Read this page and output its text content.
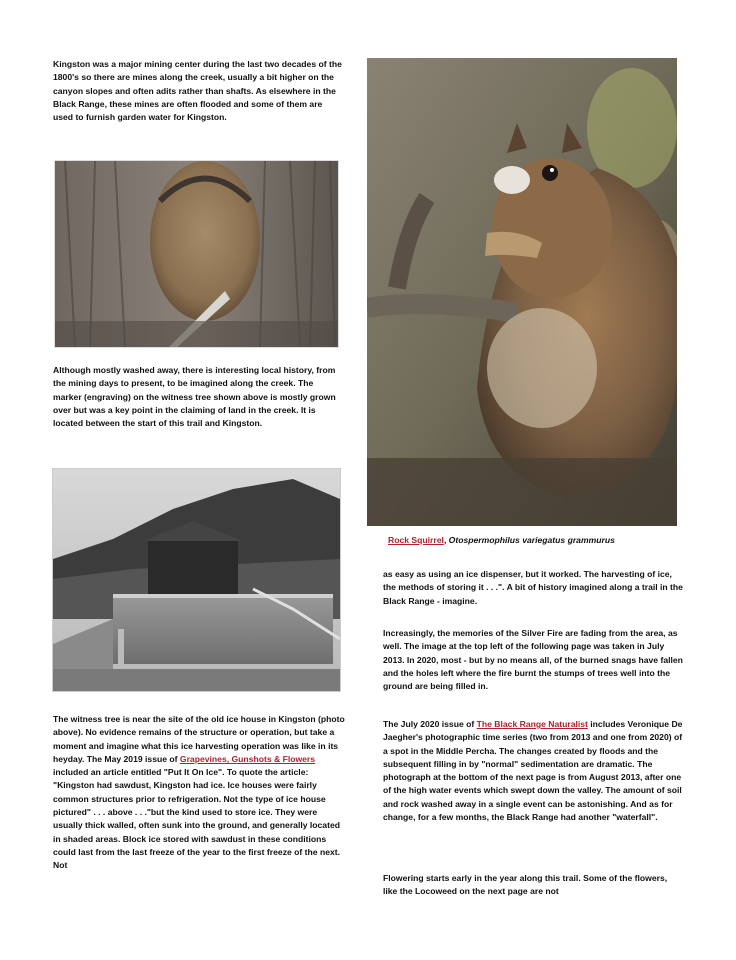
Kingston was a major mining center during the last two decades of the 1800's so there are mines along the creek, usually a bit higher on the canyon slopes and often adits rather than shafts. As elsewhere in the Black Range, these mines are often flooded and some of them are used to furnish garden water for Kingston.

Although mostly washed away, there is interesting local history, from the mining days to present, to be imagined along the creek. The marker (engraving) on the witness tree shown above is mostly grown over but was a key point in the claiming of land in the creek. It is located between the start of this trail and Kingston.

The witness tree is near the site of the old ice house in Kingston (photo above). No evidence remains of the structure or operation, but take a moment and imagine what this ice harvesting operation was like in its heyday. The May 2019 issue of Grapevines, Gunshots & Flowers included an article entitled "Put It On Ice". To quote the article: "Kingston had sawdust, Kingston had ice. Ice houses were fairly common structures prior to refrigeration. Not the type of ice house pictured" . . . above . . ."but the kind used to store ice. They were usually thick walled, often sunk into the ground, and generally located in shaded areas. Block ice stored with sawdust in these conditions could last from the last freeze of the year to the first freeze of the next. Not

Rock Squirrel, Otospermophilus variegatus grammurus

as easy as using an ice dispenser, but it worked. The harvesting of ice, the methods of storing it . . .". A bit of history imagined along a trail in the Black Range - imagine.

Increasingly, the memories of the Silver Fire are fading from the area, as well. The image at the top left of the following page was taken in July 2013. In 2020, most - but by no means all, of the burned snags have fallen and the holes left where the fire burnt the stumps of trees well into the ground are being filled in.

The July 2020 issue of The Black Range Naturalist includes Veronique De Jaegher's photographic time series (two from 2013 and one from 2020) of a spot in the Middle Percha. The changes created by floods and the subsequent filling in by "normal" sedimentation are dramatic. The photograph at the bottom of the next page is from August 2013, after one of the high water events which swept down the valley. The amount of soil and rock washed away in a single event can be astonishing. And as for change, for a few months, the Black Range had another "waterfall".

Flowering starts early in the year along this trail. Some of the flowers, like the Locoweed on the next page are not
